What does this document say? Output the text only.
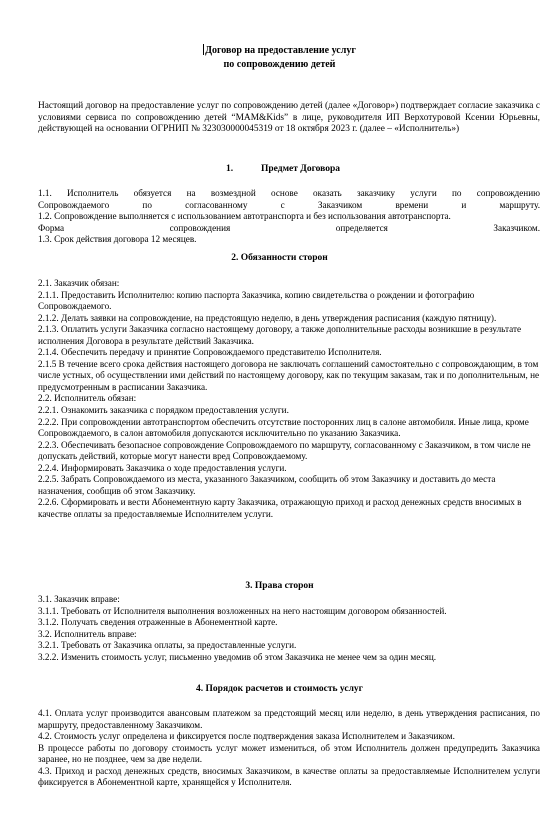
Договор на предоставление услуг
по сопровождению детей
Настоящий договор на предоставление услуг по сопровождению детей (далее «Договор») подтверждает согласие заказчика с условиями сервиса по сопровождению детей “MAM&Kids” в лице, руководителя ИП Верхотуровой Ксении Юрьевны, действующей на основании ОГРНИП № 323030000045319 от 18 октября 2023 г. (далее – «Исполнитель»)
1.	Предмет Договора
1.1. Исполнитель обязуется на возмездной основе оказать заказчику услуги по сопровождению
Сопровождаемого по согласованному с Заказчиком времени и маршруту.
1.2. Сопровождение выполняется с использованием автотранспорта и без использования автотранспорта.
Форма сопровождения определяется Заказчиком.
1.3. Срок действия договора 12 месяцев.
2. Обязанности сторон
2.1. Заказчик обязан:
2.1.1. Предоставить Исполнителю: копию паспорта Заказчика, копию свидетельства о рождении и фотографию Сопровождаемого.
2.1.2. Делать заявки на сопровождение, на предстоящую неделю, в день утверждения расписания (каждую пятницу).
2.1.3. Оплатить услуги Заказчика согласно настоящему договору, а также дополнительные расходы возникшие в результате исполнения Договора в результате действий Заказчика.
2.1.4. Обеспечить передачу и принятие Сопровождаемого представителю Исполнителя.
2.1.5 В течение всего срока действия настоящего договора не заключать соглашений самостоятельно с сопровождающим, в том числе устных, об осуществлении ими действий по настоящему договору, как по текущим заказам, так и по дополнительным, не предусмотренным в расписании Заказчика.
2.2. Исполнитель обязан:
2.2.1. Ознакомить заказчика с порядком предоставления услуги.
2.2.2. При сопровождении автотранспортом обеспечить отсутствие посторонних лиц в салоне автомобиля. Иные лица, кроме Сопровождаемого, в салон автомобиля допускаются исключительно по указанию Заказчика.
2.2.3. Обеспечивать безопасное сопровождение Сопровождаемого по маршруту, согласованному с Заказчиком, в том числе не допускать действий, которые могут нанести вред Сопровождаемому.
2.2.4. Информировать Заказчика о ходе предоставления услуги.
2.2.5. Забрать Сопровождаемого из места, указанного Заказчиком, сообщить об этом Заказчику и доставить до места назначения, сообщив об этом Заказчику.
2.2.6. Сформировать и вести Абонементную карту Заказчика, отражающую приход и расход денежных средств вносимых в качестве оплаты за предоставляемые Исполнителем услуги.
3. Права сторон
3.1. Заказчик вправе:
3.1.1. Требовать от Исполнителя выполнения возложенных на него настоящим договором обязанностей.
3.1.2. Получать сведения отраженные в Абонементной карте.
3.2. Исполнитель вправе:
3.2.1. Требовать от Заказчика оплаты, за предоставленные услуги.
3.2.2. Изменить стоимость услуг, письменно уведомив об этом Заказчика не менее чем за один месяц.
4. Порядок расчетов и стоимость услуг
4.1. Оплата услуг производится авансовым платежом за предстоящий месяц или неделю, в день утверждения расписания, по маршруту, предоставленному Заказчиком.
4.2. Стоимость услуг определена и фиксируется после подтверждения заказа Исполнителем и Заказчиком.
В процессе работы по договору стоимость услуг может измениться, об этом Исполнитель должен предупредить Заказчика заранее, но не позднее, чем за две недели.
4.3. Приход и расход денежных средств, вносимых Заказчиком, в качестве оплаты за предоставляемые Исполнителем услуги фиксируется в Абонементной карте, хранящейся у Исполнителя.
